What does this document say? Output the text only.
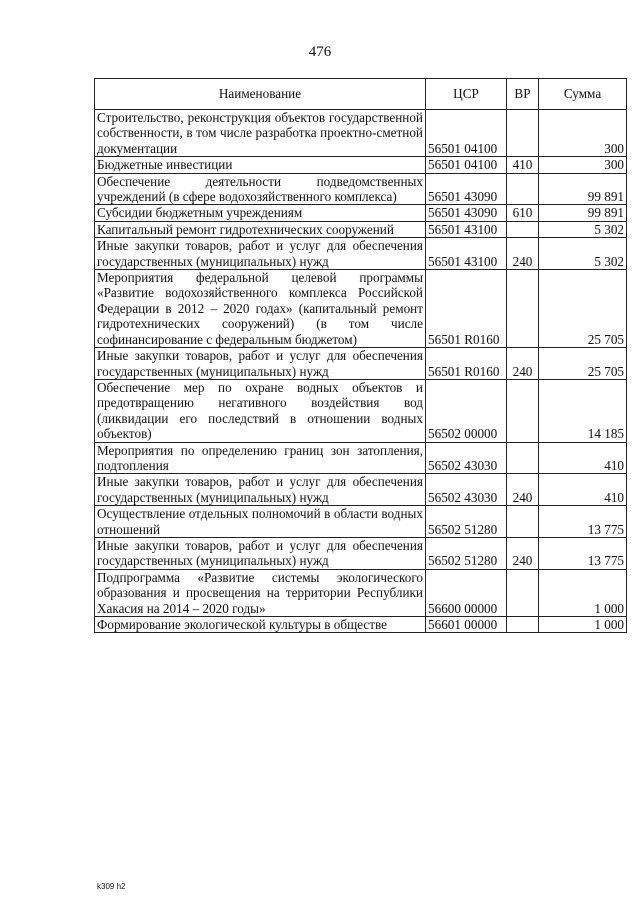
476
Наименование	ЦСР	ВР	Сумма
Строительство, реконструкция объектов государственной собственности, в том числе разработка проектно-сметной документации	56501 04100		300
Бюджетные инвестиции	56501 04100	410	300
Обеспечение деятельности подведомственных учреждений (в сфере водохозяйственного комплекса)	56501 43090		99 891
Субсидии бюджетным учреждениям	56501 43090	610	99 891
Капитальный ремонт гидротехнических сооружений	56501 43100		5 302
Иные закупки товаров, работ и услуг для обеспечения государственных (муниципальных) нужд	56501 43100	240	5 302
Мероприятия федеральной целевой программы «Развитие водохозяйственного комплекса Российской Федерации в 2012 – 2020 годах» (капитальный ремонт гидротехнических сооружений) (в том числе софинансирование с федеральным бюджетом)	56501 R0160		25 705
Иные закупки товаров, работ и услуг для обеспечения государственных (муниципальных) нужд	56501 R0160	240	25 705
Обеспечение мер по охране водных объектов и предотвращению негативного воздействия вод (ликвидации его последствий в отношении водных объектов)	56502 00000		14 185
Мероприятия по определению границ зон затопления, подтопления	56502 43030		410
Иные закупки товаров, работ и услуг для обеспечения государственных (муниципальных) нужд	56502 43030	240	410
Осуществление отдельных полномочий в области водных отношений	56502 51280		13 775
Иные закупки товаров, работ и услуг для обеспечения государственных (муниципальных) нужд	56502 51280	240	13 775
Подпрограмма «Развитие системы экологического образования и просвещения на территории Республики Хакасия на 2014 – 2020 годы»	56600 00000		1 000
Формирование экологической культуры в обществе	56601 00000		1 000
k309 h2
